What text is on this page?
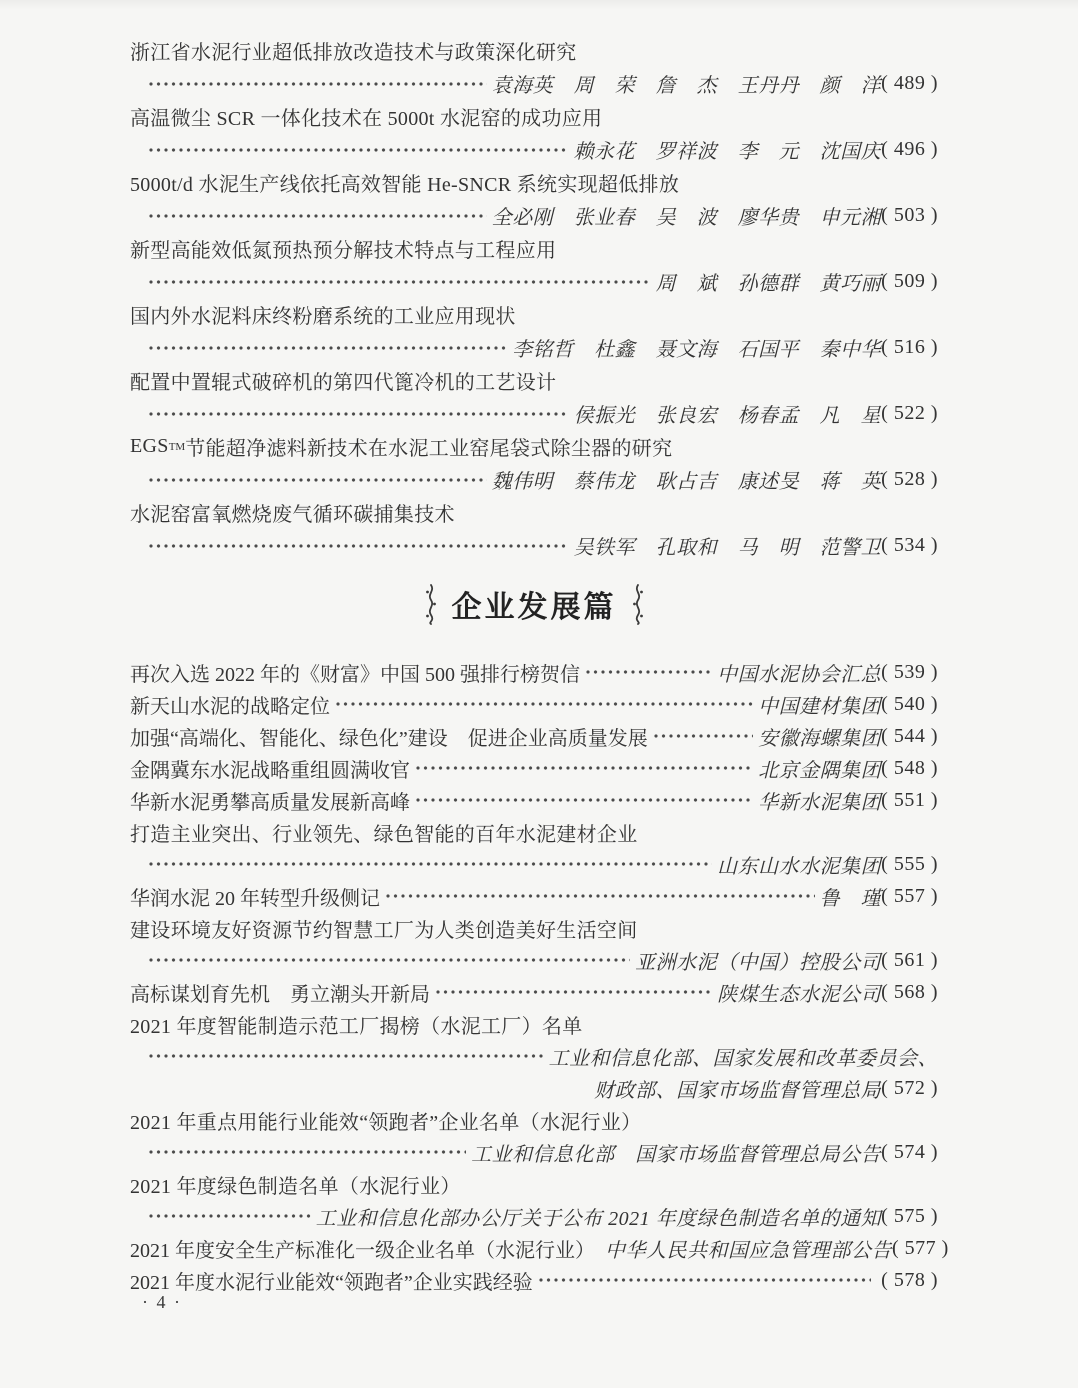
浙江省水泥行业超低排放改造技术与政策深化研究
袁海英　周　荣　詹　杰　王丹丹　颜　洋 ( 489 )
高温微尘 SCR 一体化技术在 5000t 水泥窑的成功应用
赖永花　罗祥波　李　元　沈国庆 ( 496 )
5000t/d 水泥生产线依托高效智能 He-SNCR 系统实现超低排放
全必刚　张业春　吴　波　廖华贵　申元湘 ( 503 )
新型高能效低氮预热预分解技术特点与工程应用
周　斌　孙德群　黄巧丽 ( 509 )
国内外水泥料床终粉磨系统的工业应用现状
李铭哲　杜鑫　聂文海　石国平　秦中华 ( 516 )
配置中置辊式破碎机的第四代篦冷机的工艺设计
侯振光　张良宏　杨春孟　凡　星 ( 522 )
EGS TM 节能超净滤料新技术在水泥工业窑尾袋式除尘器的研究
魏伟明　蔡伟龙　耿占吉　康述旻　蒋　英 ( 528 )
水泥窑富氧燃烧废气循环碳捕集技术
吴铁军　孔取和　马　明　范警卫 ( 534 )
企业发展篇
再次入选 2022 年的《财富》中国 500 强排行榜贺信	中国水泥协会汇总 ( 539 )
新天山水泥的战略定位	中国建材集团 ( 540 )
加强“高端化、智能化、绿色化”建设　促进企业高质量发展	安徽海螺集团 ( 544 )
金隅冀东水泥战略重组圆满收官	北京金隅集团 ( 548 )
华新水泥勇攀高质量发展新高峰	华新水泥集团 ( 551 )
打造主业突出、行业领先、绿色智能的百年水泥建材企业
山东山水水泥集团 ( 555 )
华润水泥 20 年转型升级侧记	鲁　瑾 ( 557 )
建设环境友好资源节约智慧工厂为人类创造美好生活空间
亚洲水泥（中国）控股公司 ( 561 )
高标谋划育先机　勇立潮头开新局	陕煤生态水泥公司 ( 568 )
2021 年度智能制造示范工厂揭榜（水泥工厂）名单
工业和信息化部、国家发展和改革委员会、
财政部、国家市场监督管理总局 ( 572 )
2021 年重点用能行业能效“领跑者”企业名单（水泥行业）
工业和信息化部　国家市场监督管理总局公告 ( 574 )
2021 年度绿色制造名单（水泥行业）
工业和信息化部办公厅关于公布 2021 年度绿色制造名单的通知 ( 575 )
2021 年度安全生产标准化一级企业名单（水泥行业） 中华人民共和国应急管理部公告 ( 577 )
2021 年度水泥行业能效“领跑者”企业实践经验	( 578 )
· 4 ·
